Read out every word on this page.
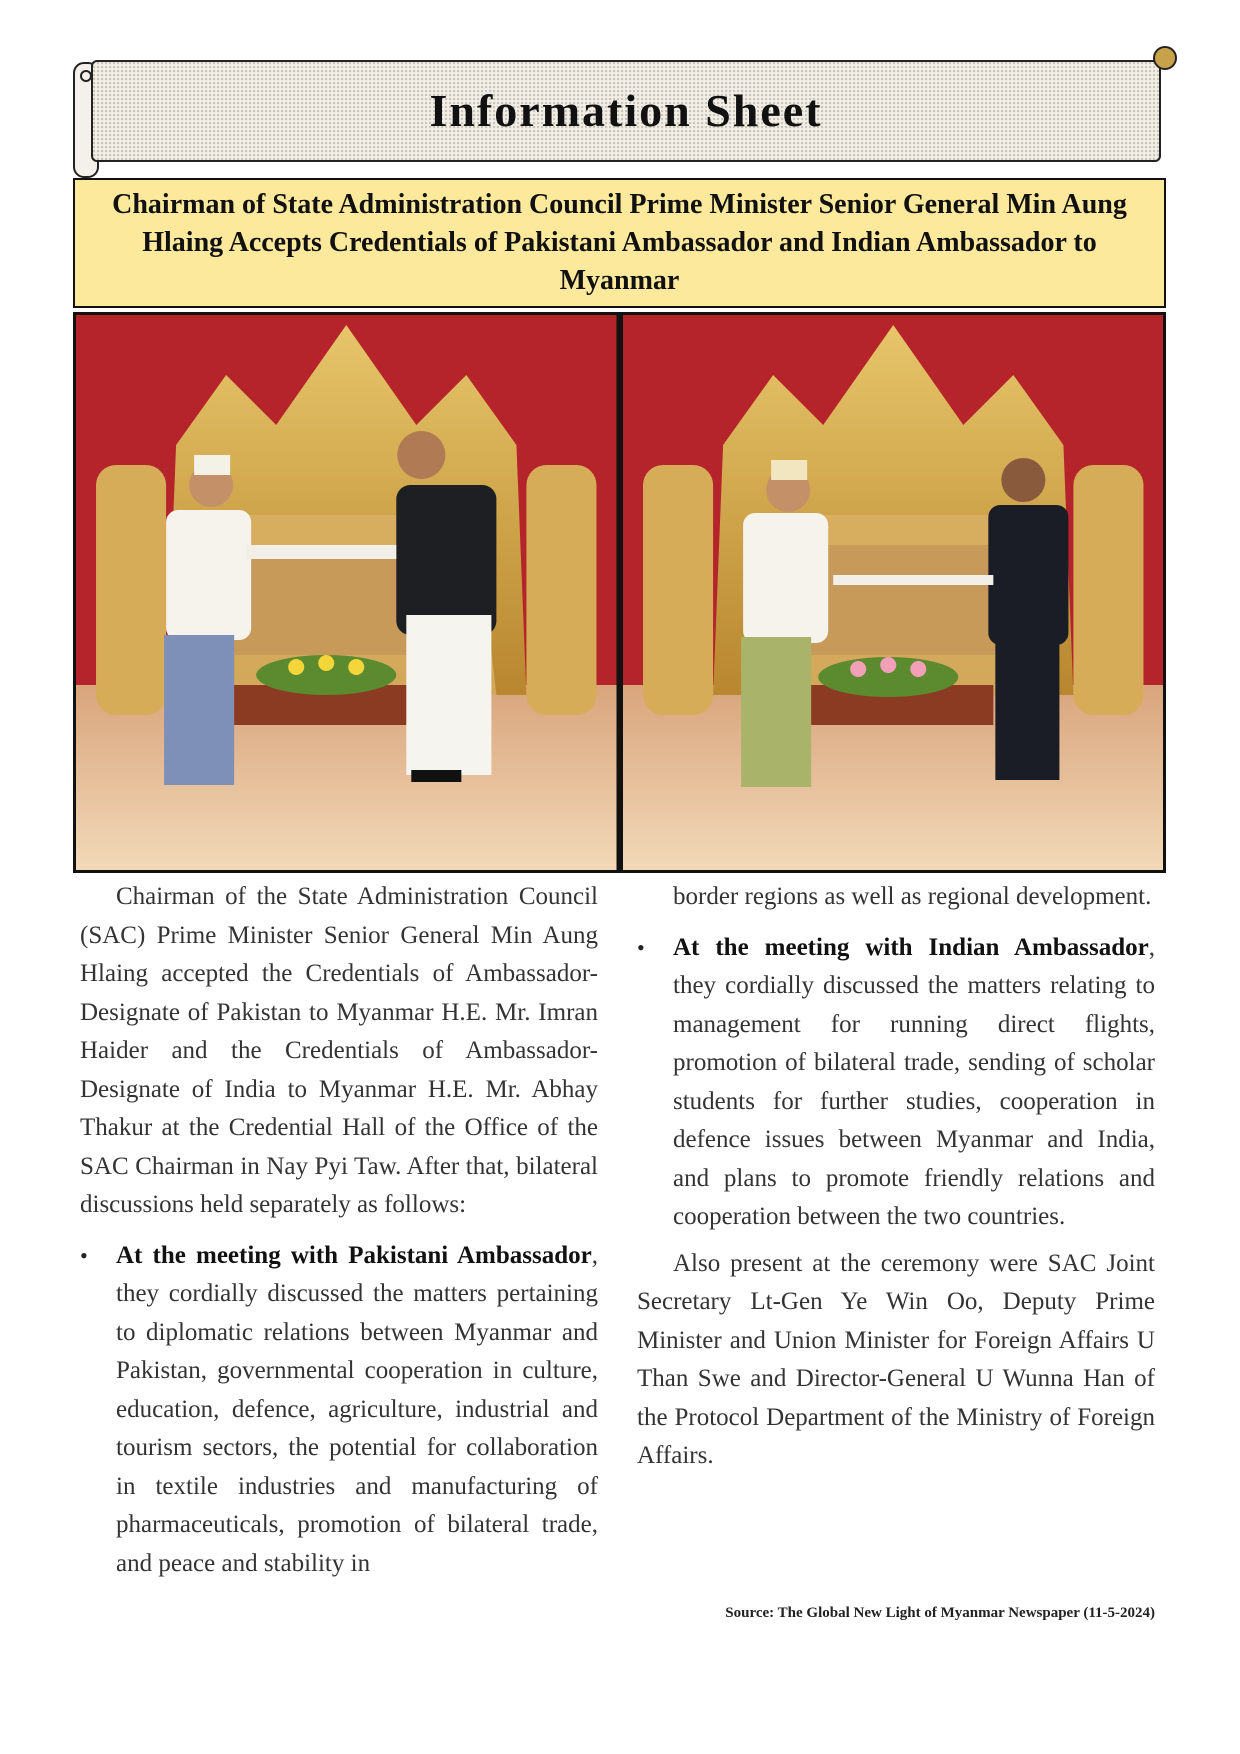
Information Sheet
Chairman of State Administration Council Prime Minister Senior General Min Aung Hlaing Accepts Credentials of Pakistani Ambassador and Indian Ambassador to Myanmar

Chairman of the State Administration Council (SAC) Prime Minister Senior General Min Aung Hlaing accepted the Credentials of Ambassador-Designate of Pakistan to Myanmar H.E. Mr. Imran Haider and the Credentials of Ambassador-Designate of India to Myanmar H.E. Mr. Abhay Thakur at the Credential Hall of the Office of the SAC Chairman in Nay Pyi Taw. After that, bilateral discussions held separately as follows:

• At the meeting with Pakistani Ambassador, they cordially discussed the matters pertaining to diplomatic relations between Myanmar and Pakistan, governmental cooperation in culture, education, defence, agriculture, industrial and tourism sectors, the potential for collaboration in textile industries and manufacturing of pharmaceuticals, promotion of bilateral trade, and peace and stability in

border regions as well as regional development.

• At the meeting with Indian Ambassador, they cordially discussed the matters relating to management for running direct flights, promotion of bilateral trade, sending of scholar students for further studies, cooperation in defence issues between Myanmar and India, and plans to promote friendly relations and cooperation between the two countries.

Also present at the ceremony were SAC Joint Secretary Lt-Gen Ye Win Oo, Deputy Prime Minister and Union Minister for Foreign Affairs U Than Swe and Director-General U Wunna Han of the Protocol Department of the Ministry of Foreign Affairs.

Source: The Global New Light of Myanmar Newspaper (11-5-2024)
